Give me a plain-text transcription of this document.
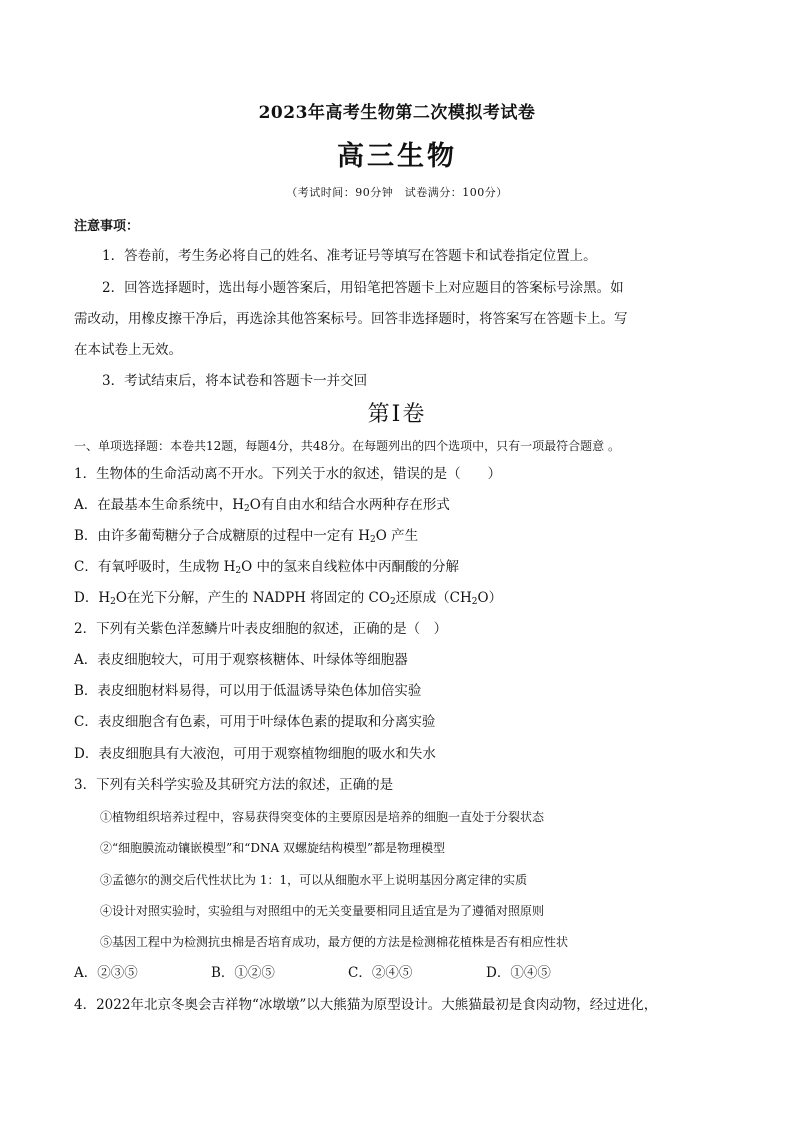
2023年高考生物第二次模拟考试卷
高三生物
（考试时间：90分钟　试卷满分：100分）
注意事项：
1．答卷前，考生务必将自己的姓名、准考证号等填写在答题卡和试卷指定位置上。
2．回答选择题时，选出每小题答案后，用铅笔把答题卡上对应题目的答案标号涂黑。如
需改动，用橡皮擦干净后，再选涂其他答案标号。回答非选择题时，将答案写在答题卡上。写
在本试卷上无效。
3．考试结束后，将本试卷和答题卡一并交回
第Ⅰ卷
一、单项选择题：本卷共12题，每题4分，共48分。在每题列出的四个选项中，只有一项最符合题意 。
1．生物体的生命活动离不开水。下列关于水的叙述，错误的是（　　）
A．在最基本生命系统中，$H_2O$有自由水和结合水两种存在形式
B．由许多葡萄糖分子合成糖原的过程中一定有 $H_2O$ 产生
C．有氧呼吸时，生成物 $H_2O$ 中的氢来自线粒体中丙酮酸的分解
D．$H_2O$在光下分解，产生的 NADPH 将固定的 $CO_2$还原成$(CH_2O)$
2．下列有关紫色洋葱鳞片叶表皮细胞的叙述，正确的是（　）
A．表皮细胞较大，可用于观察核糖体、叶绿体等细胞器
B．表皮细胞材料易得，可以用于低温诱导染色体加倍实验
C．表皮细胞含有色素，可用于叶绿体色素的提取和分离实验
D．表皮细胞具有大液泡，可用于观察植物细胞的吸水和失水
3．下列有关科学实验及其研究方法的叙述，正确的是
①植物组织培养过程中，容易获得突变体的主要原因是培养的细胞一直处于分裂状态
②“细胞膜流动镶嵌模型”和“DNA 双螺旋结构模型”都是物理模型
③孟德尔的测交后代性状比为 1：1，可以从细胞水平上说明基因分离定律的实质
④设计对照实验时，实验组与对照组中的无关变量要相同且适宜是为了遵循对照原则
⑤基因工程中为检测抗虫棉是否培育成功，最方便的方法是检测棉花植株是否有相应性状
A．②③⑤	B．①②⑤	C．②④⑤	D．①④⑤
4．2022年北京冬奥会吉祥物“冰墩墩”以大熊猫为原型设计。大熊猫最初是食肉动物，经过进化，
